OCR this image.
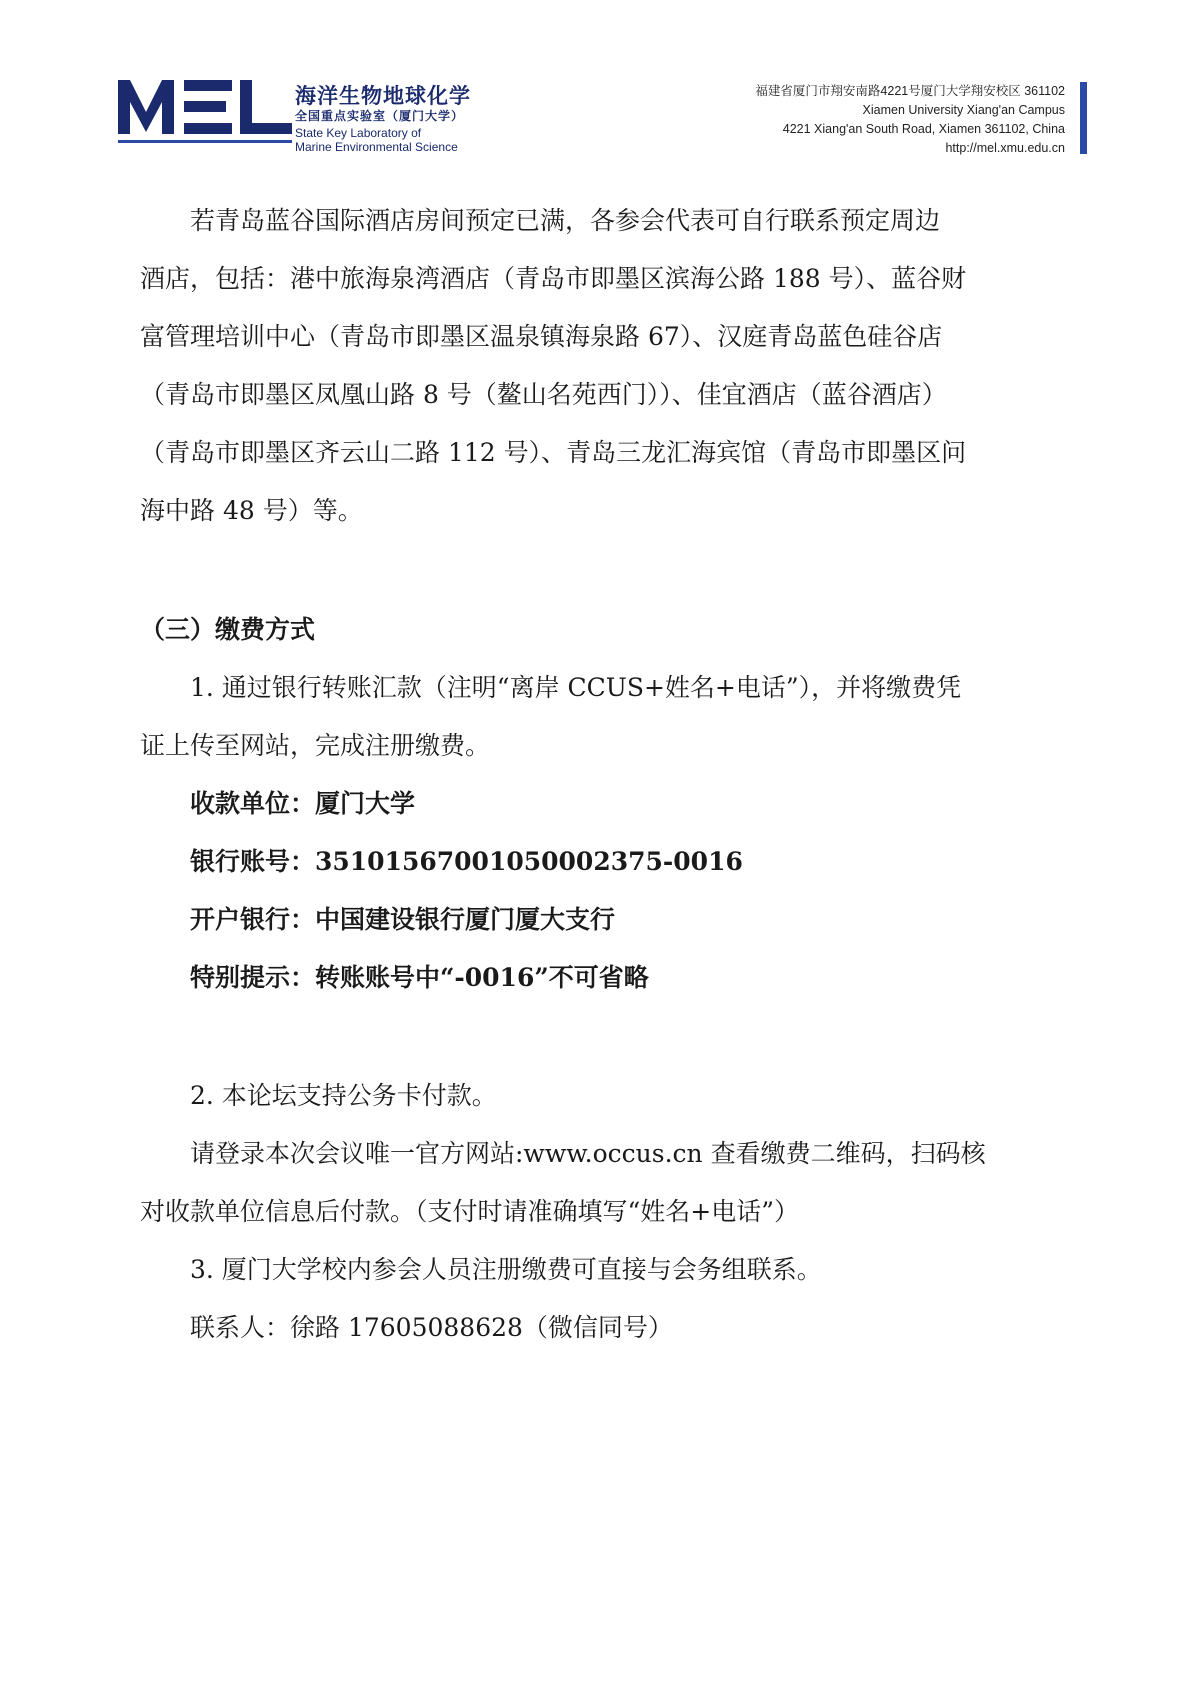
海洋生物地球化学
全国重点实验室（厦门大学）
State Key Laboratory of
Marine Environmental Science
福建省厦门市翔安南路4221号厦门大学翔安校区 361102
Xiamen University Xiang'an Campus
4221 Xiang'an South Road, Xiamen 361102, China
http://mel.xmu.edu.cn
若青岛蓝谷国际酒店房间预定已满，各参会代表可自行联系预定周边
酒店，包括：港中旅海泉湾酒店（青岛市即墨区滨海公路 188 号）、蓝谷财
富管理培训中心（青岛市即墨区温泉镇海泉路 67）、汉庭青岛蓝色硅谷店
（青岛市即墨区凤凰山路 8 号（鳌山名苑西门））、佳宜酒店（蓝谷酒店）
（青岛市即墨区齐云山二路 112 号）、青岛三龙汇海宾馆（青岛市即墨区问
海中路 48 号）等。
（三）缴费方式
1. 通过银行转账汇款（注明“离岸 CCUS+姓名+电话”），并将缴费凭
证上传至网站，完成注册缴费。
收款单位：厦门大学
银行账号：35101567001050002375-0016
开户银行：中国建设银行厦门厦大支行
特别提示：转账账号中“-0016”不可省略
2. 本论坛支持公务卡付款。
请登录本次会议唯一官方网站:www.occus.cn 查看缴费二维码，扫码核
对收款单位信息后付款。（支付时请准确填写“姓名+电话”）
3. 厦门大学校内参会人员注册缴费可直接与会务组联系。
联系人：徐路 17605088628（微信同号）
